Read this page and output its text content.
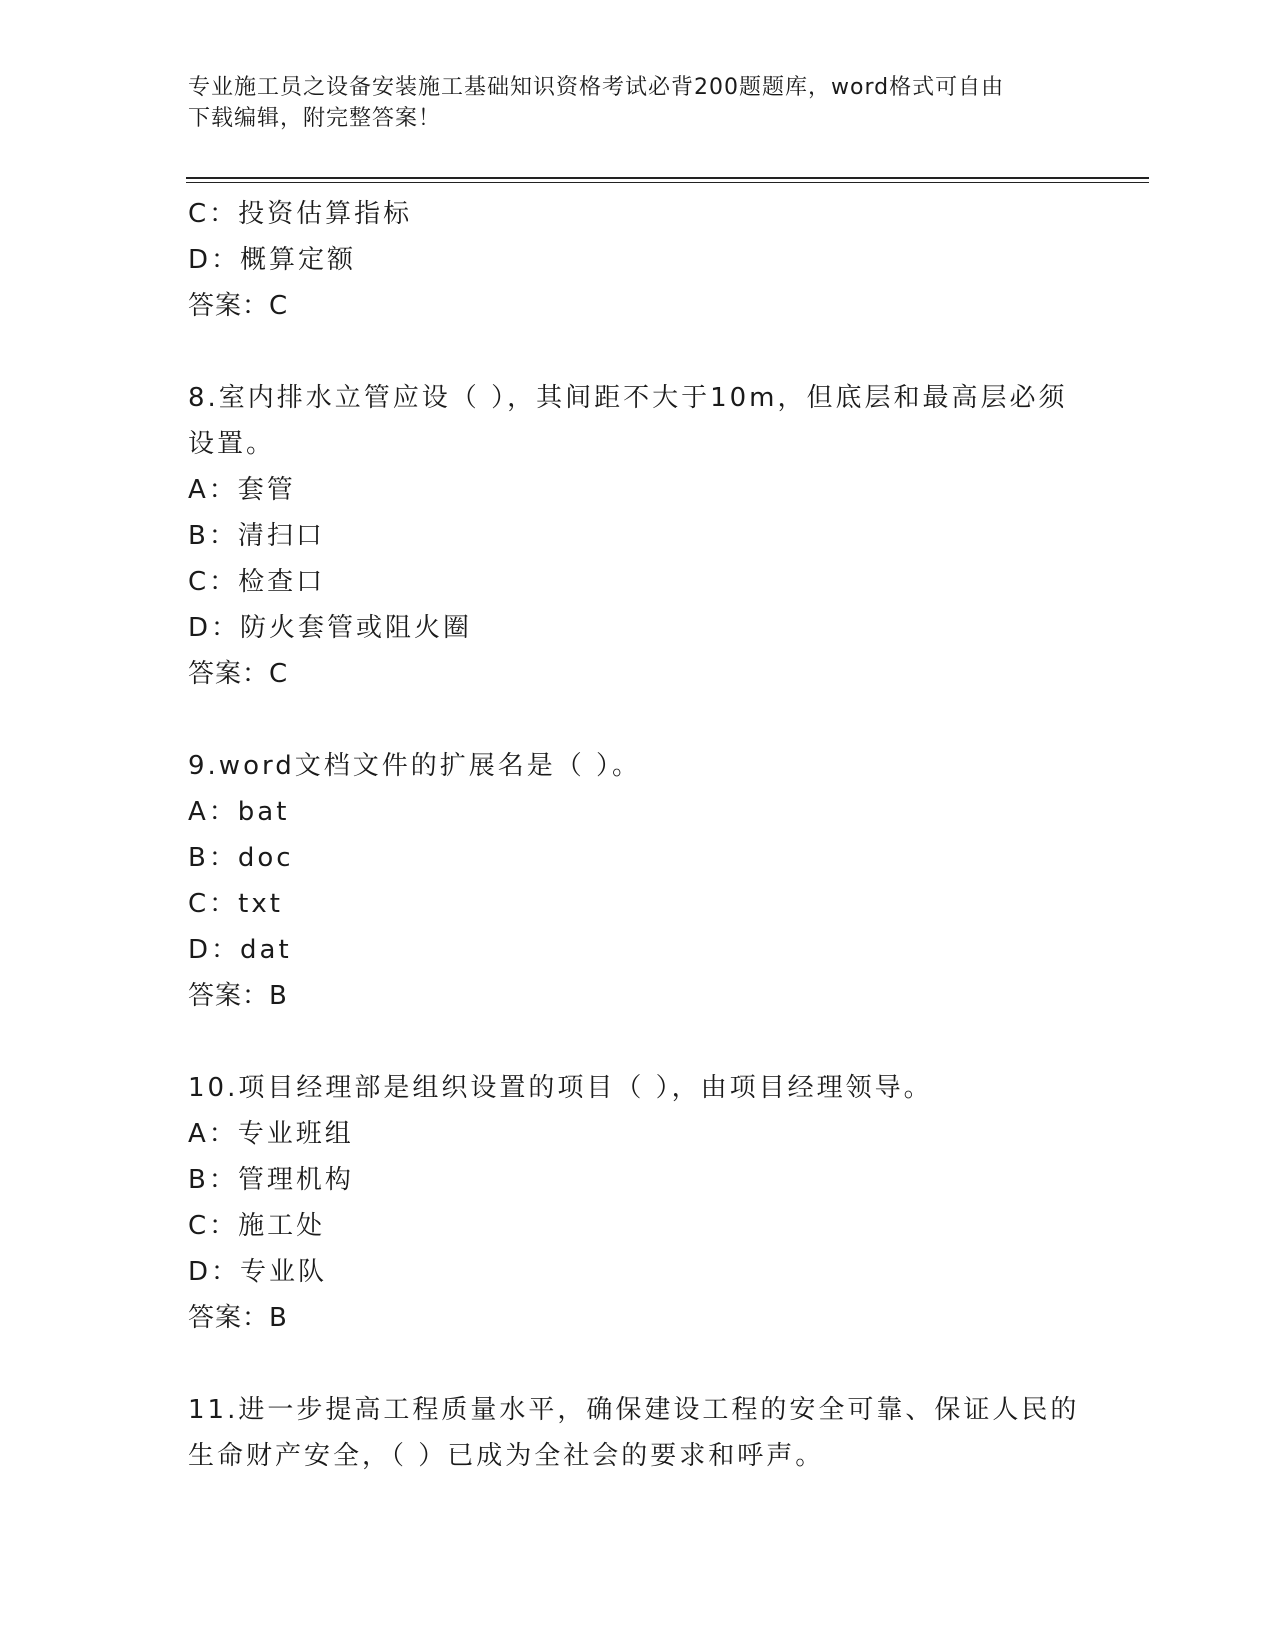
专业施工员之设备安装施工基础知识资格考试必背200题题库，word格式可自由
下载编辑，附完整答案！
C：投资估算指标
D：概算定额
答案：C
8.室内排水立管应设（ ），其间距不大于10m，但底层和最高层必须
设置。
A：套管
B：清扫口
C：检查口
D：防火套管或阻火圈
答案：C
9.word文档文件的扩展名是（ ）。
A：bat
B：doc
C：txt
D：dat
答案：B
10.项目经理部是组织设置的项目（ ），由项目经理领导。
A：专业班组
B：管理机构
C：施工处
D：专业队
答案：B
11.进一步提高工程质量水平，确保建设工程的安全可靠、保证人民的
生命财产安全，（ ）已成为全社会的要求和呼声。
